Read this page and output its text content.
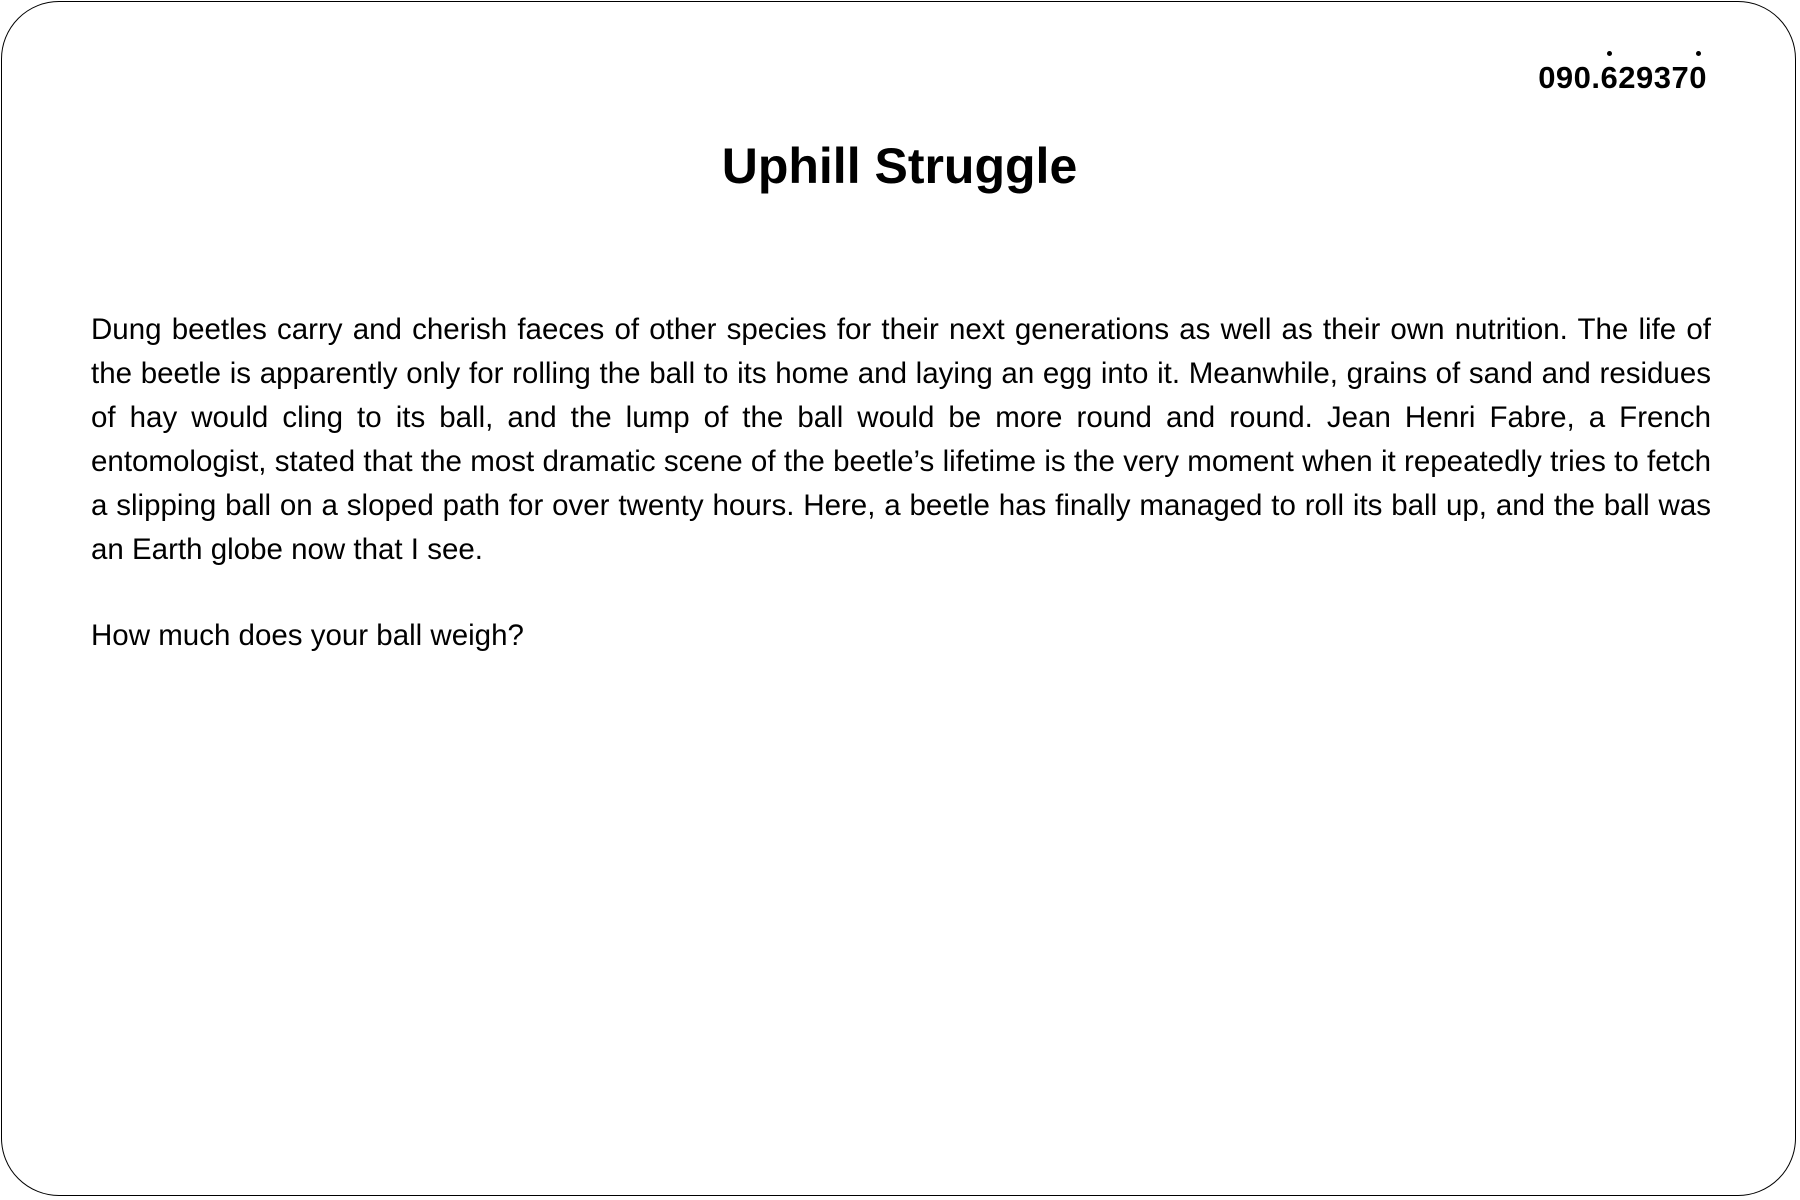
090.
62937
0
Uphill Struggle

Dung beetles carry and cherish faeces of other species for their next generations as well as their own nutrition. The life of the beetle is apparently only for rolling the ball to its home and laying an egg into it. Meanwhile, grains of sand and residues of hay would cling to its ball, and the lump of the ball would be more round and round. Jean Henri Fabre, a French entomologist, stated that the most dramatic scene of the beetle’s lifetime is the very moment when it repeatedly tries to fetch a slipping ball on a sloped path for over twenty hours. Here, a beetle has finally managed to roll its ball up, and the ball was an Earth globe now that I see.

How much does your ball weigh?
